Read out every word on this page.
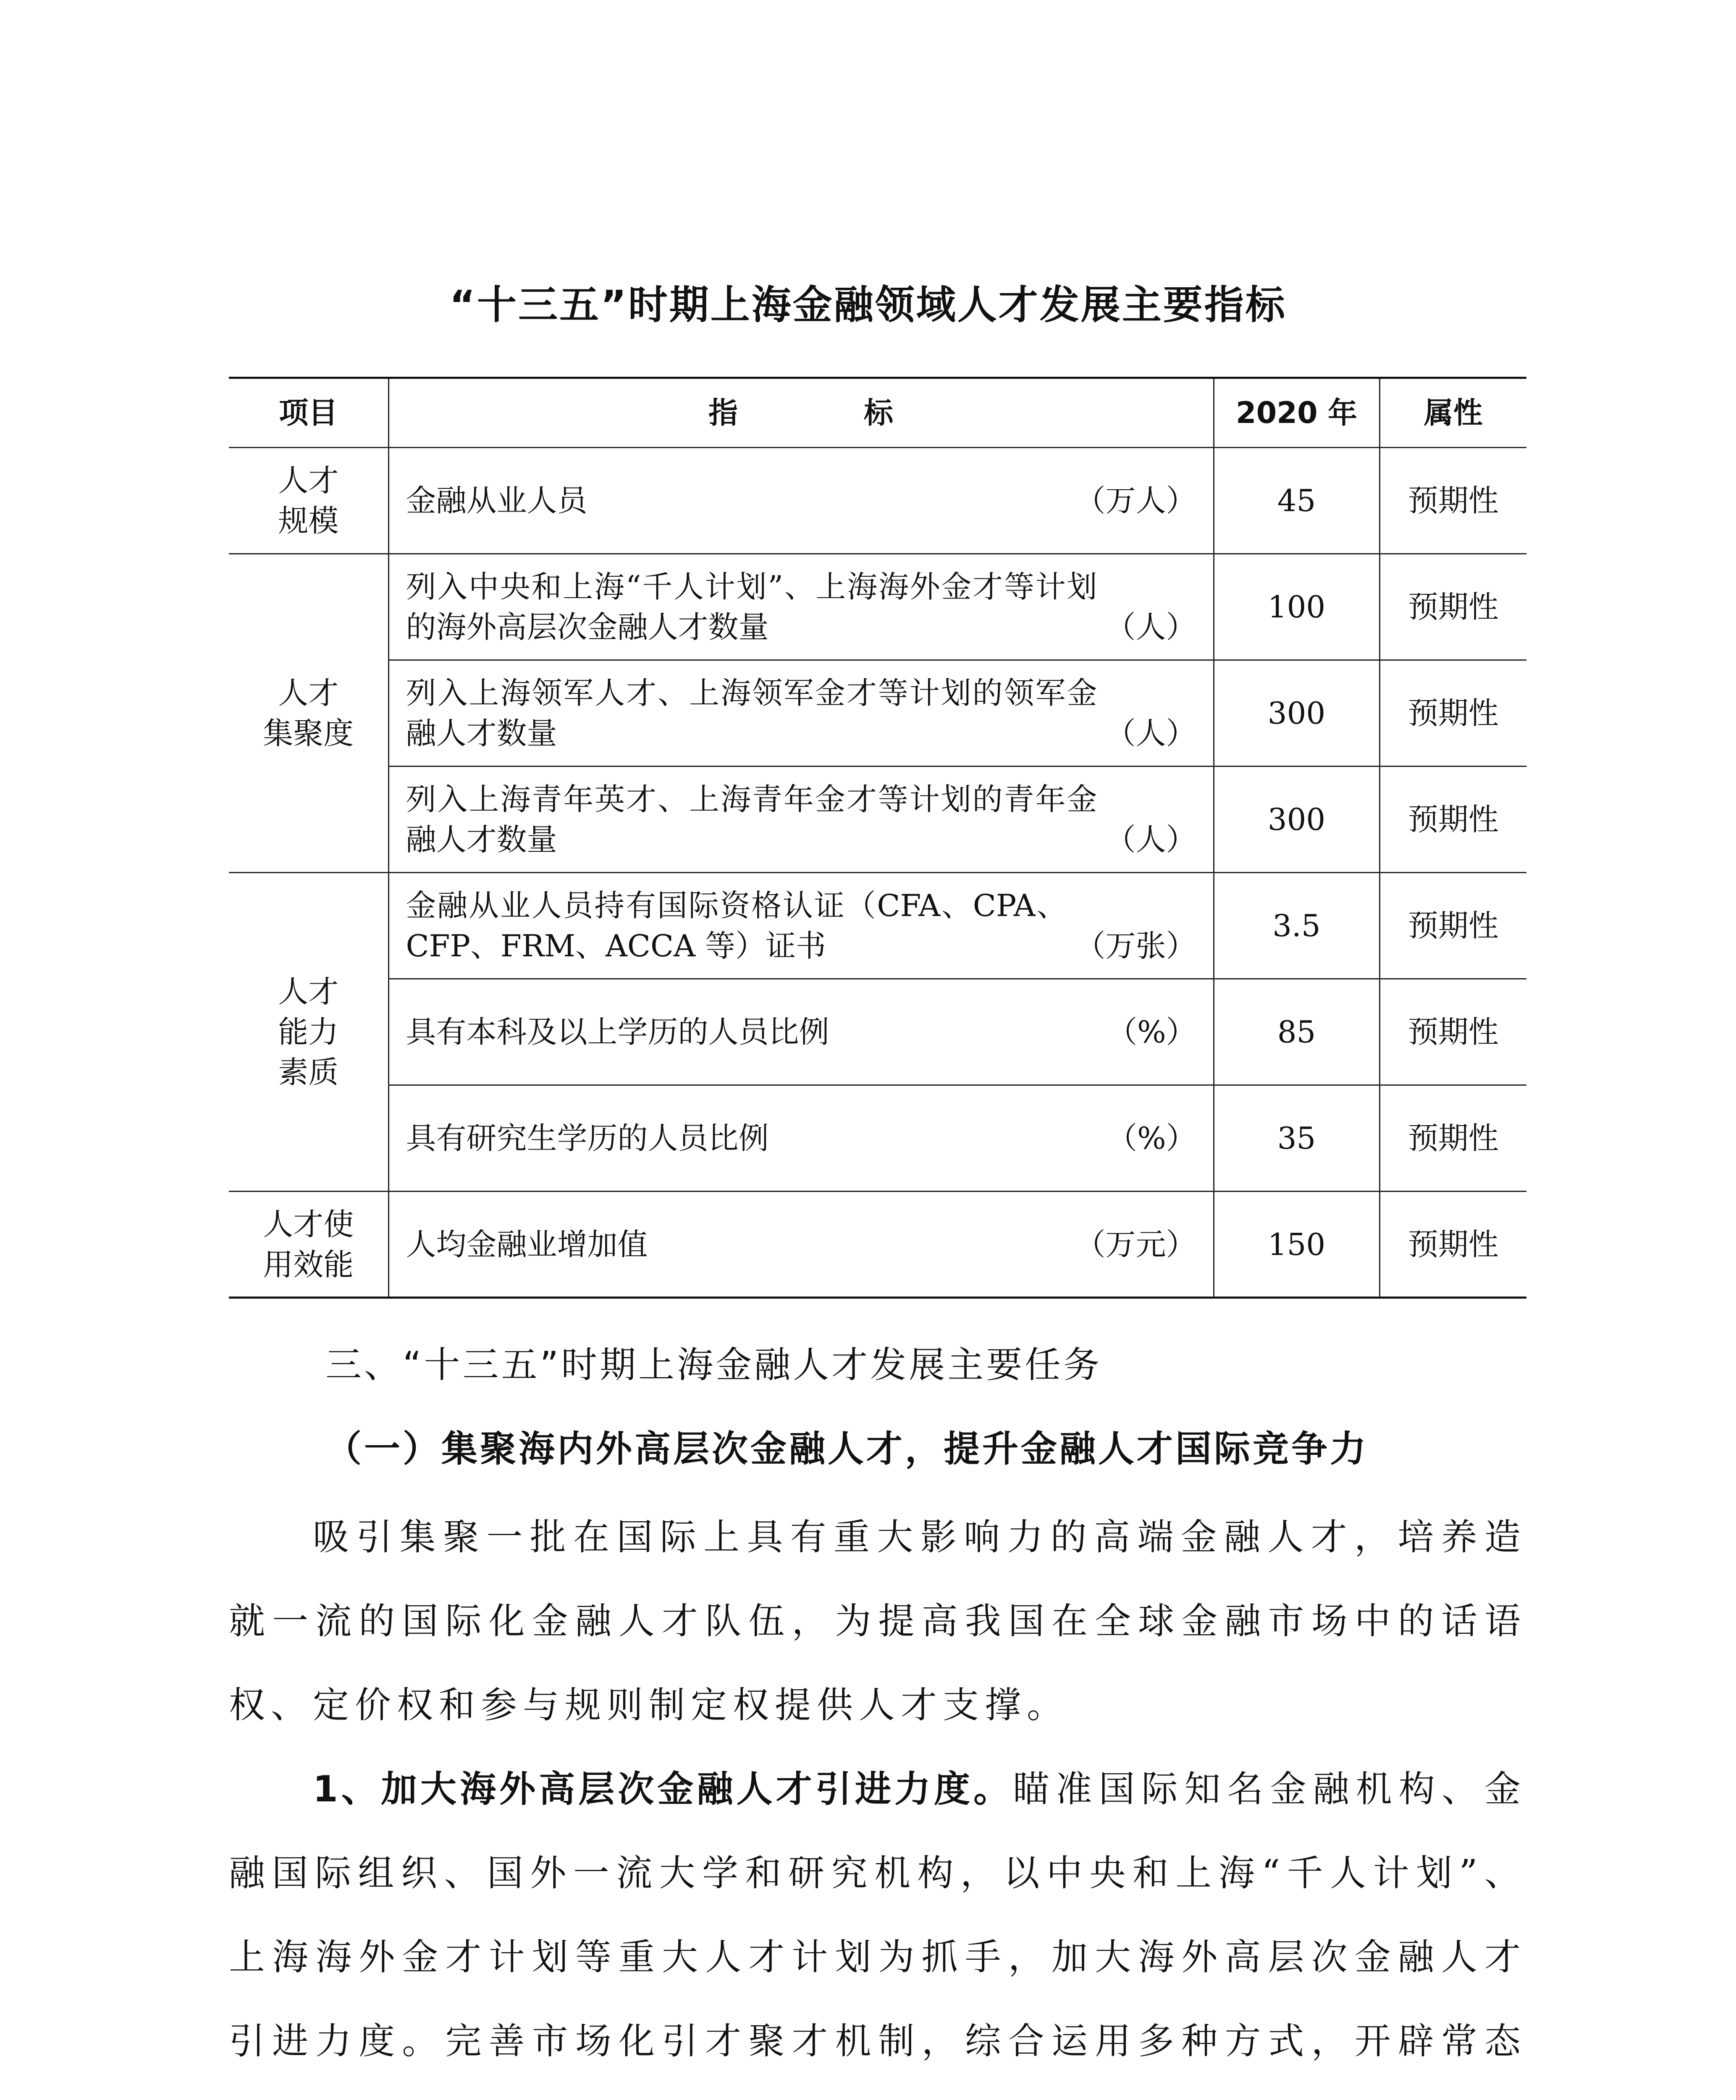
“十三五”时期上海金融领域人才发展主要指标
项目	指标	2020 年	属性
人才
规模	金融从业人员 （万人）	45	预期性
人才
集聚度	列入中央和上海“千人计划”、上海海外金才等计划的海外高层次金融人才数量 （人）	100	预期性

	列入上海领军人才、上海领军金才等计划的领军金融人才数量 （人）	300	预期性

	列入上海青年英才、上海青年金才等计划的青年金融人才数量 （人）	300	预期性
人才
能力
素质	金融从业人员持有国际资格认证（CFA、CPA、CFP、FRM、ACCA 等）证书 （万张）	3.5	预期性

	具有本科及以上学历的人员比例 （%）	85	预期性

	具有研究生学历的人员比例 （%）	35	预期性
人才使
用效能	人均金融业增加值 （万元）	150	预期性
三、“十三五”时期上海金融人才发展主要任务
（一）集聚海内外高层次金融人才，提升金融人才国际竞争力

吸引集聚一批在国际上具有重大影响力的高端金融人才，培养造就一流的国际化金融人才队伍，为提高我国在全球金融市场中的话语权、定价权和参与规则制定权提供人才支撑。

1、加大海外高层次金融人才引进力度。瞄准国际知名金融机构、金融国际组织、国外一流大学和研究机构，以中央和上海“千人计划”、上海海外金才计划等重大人才计划为抓手，加大海外高层次金融人才引进力度。完善市场化引才聚才机制，综合运用多种方式，开辟常态
